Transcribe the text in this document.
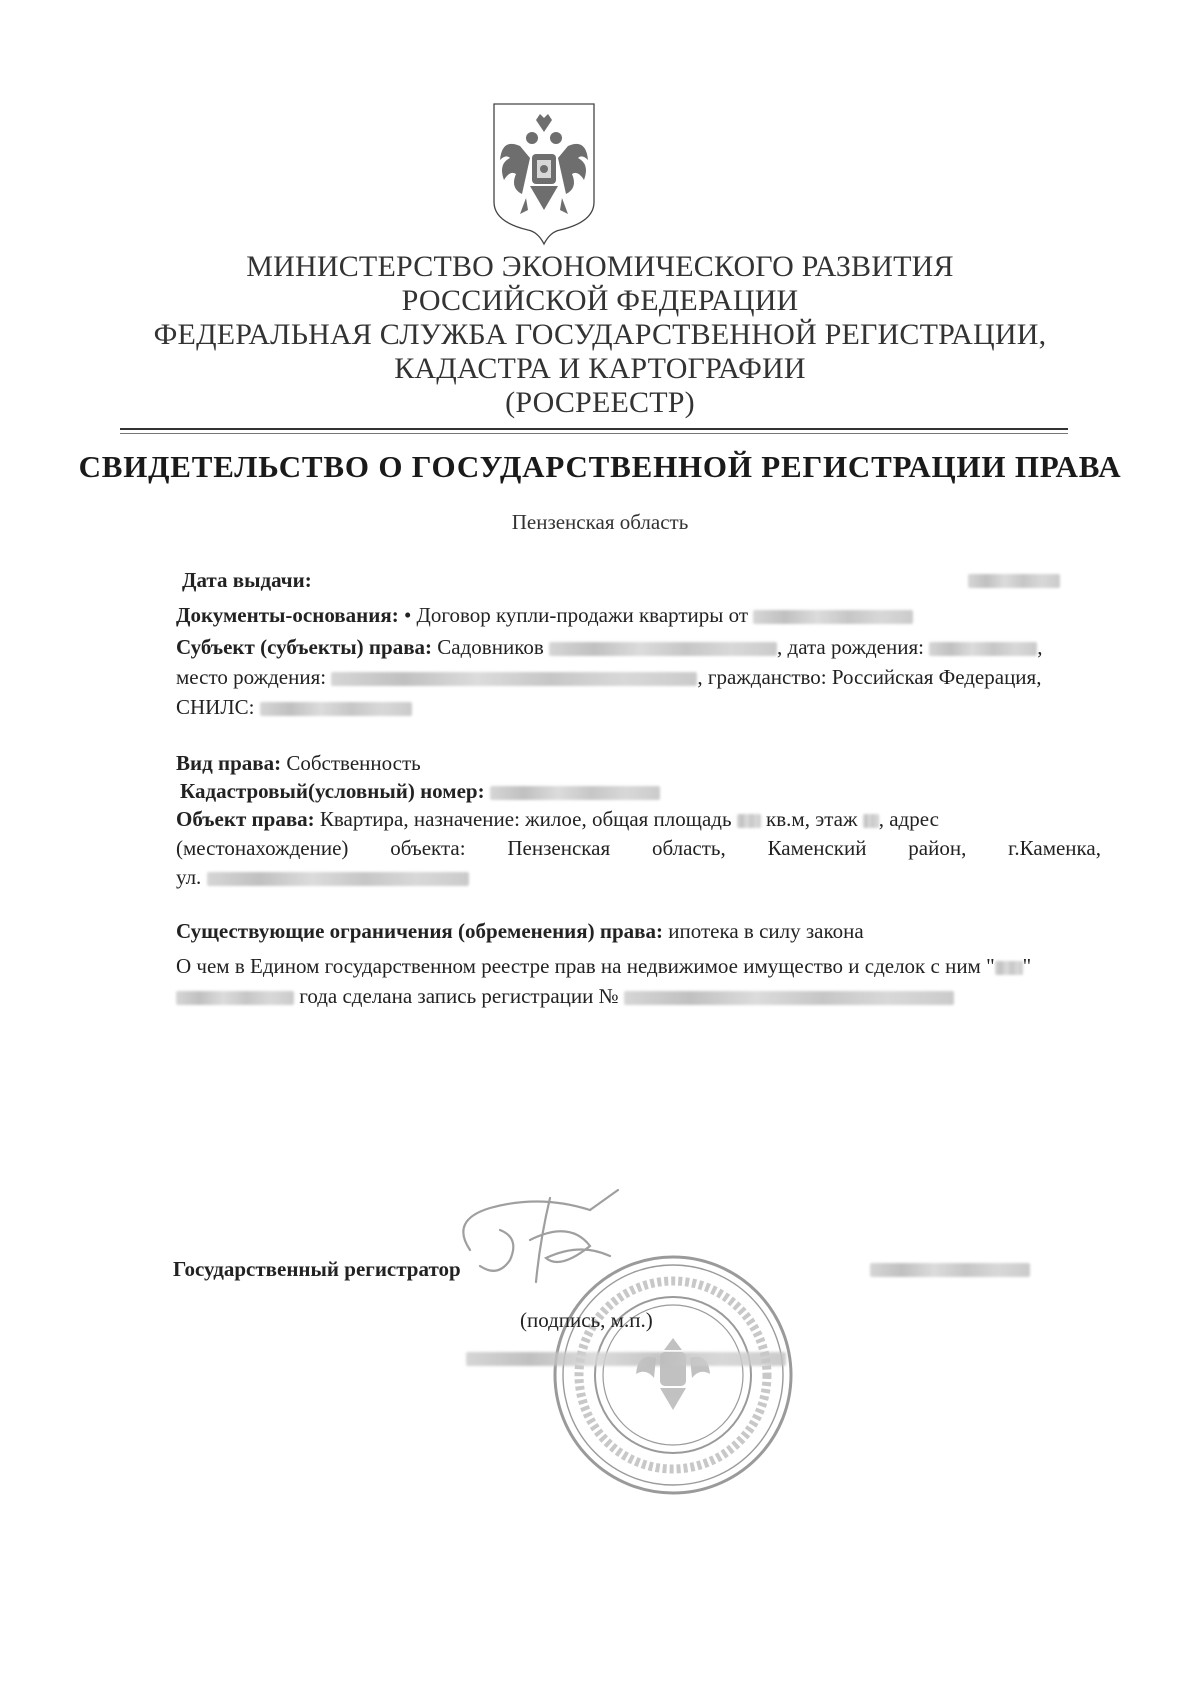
МИНИСТЕРСТВО ЭКОНОМИЧЕСКОГО РАЗВИТИЯ
РОССИЙСКОЙ ФЕДЕРАЦИИ
ФЕДЕРАЛЬНАЯ СЛУЖБА ГОСУДАРСТВЕННОЙ РЕГИСТРАЦИИ,
КАДАСТРА И КАРТОГРАФИИ
(РОСРЕЕСТР)
СВИДЕТЕЛЬСТВО О ГОСУДАРСТВЕННОЙ РЕГИСТРАЦИИ ПРАВА
Пензенская область
Дата выдачи:
Документы-основания: • Договор купли-продажи квартиры от
Субъект (субъекты) права: Садовников	, дата рождения:	,
место рождения:	, гражданство: Российская Федерация,
СНИЛС:
Вид права: Собственность
Кадастровый(условный) номер:
Объект права: Квартира, назначение: жилое, общая площадь кв.м, этаж , адрес
(местонахождение) объекта: Пензенская область, Каменский район, г.Каменка,
ул.
Существующие ограничения (обременения) права: ипотека в силу закона
О чем в Едином государственном реестре прав на недвижимое имущество и сделок с ним " "
года сделана запись регистрации №
Государственный регистратор
(подпись, м.п.)
